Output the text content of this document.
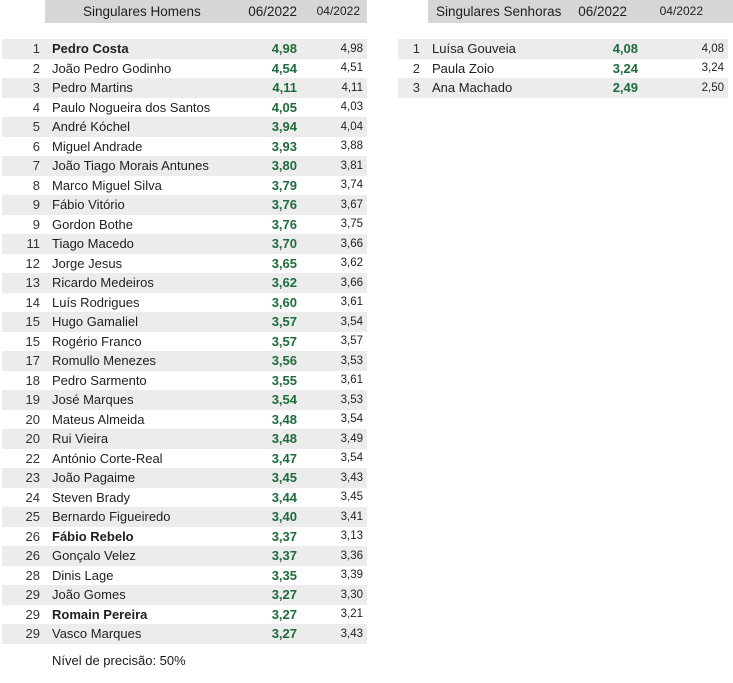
Singulares Homens	06/2022 04/2022
1 Pedro Costa	4,98	4,98
2 João Pedro Godinho	4,54	4,51
3 Pedro Martins	4,11	4,11
4 Paulo Nogueira dos Santos	4,05	4,03
5 André Kóchel	3,94	4,04
6 Miguel Andrade	3,93	3,88
7 João Tiago Morais Antunes	3,80	3,81
8 Marco Miguel Silva	3,79	3,74
9 Fábio Vitório	3,76	3,67
9 Gordon Bothe	3,76	3,75
11 Tiago Macedo	3,70	3,66
12 Jorge Jesus	3,65	3,62
13 Ricardo Medeiros	3,62	3,66
14 Luís Rodrigues	3,60	3,61
15 Hugo Gamaliel	3,57	3,54
15 Rogério Franco	3,57	3,57
17 Romullo Menezes	3,56	3,53
18 Pedro Sarmento	3,55	3,61
19 José Marques	3,54	3,53
20 Mateus Almeida	3,48	3,54
20 Rui Vieira	3,48	3,49
22 António Corte-Real	3,47	3,54
23 João Pagaime	3,45	3,43
24 Steven Brady	3,44	3,45
25 Bernardo Figueiredo	3,40	3,41
26 Fábio Rebelo	3,37	3,13
26 Gonçalo Velez	3,37	3,36
28 Dinis Lage	3,35	3,39
29 João Gomes	3,27	3,30
29 Romain Pereira	3,27	3,21
29 Vasco Marques	3,27	3,43
Singulares Senhoras 06/2022	04/2022
1 Luísa Gouveia	4,08	4,08
2 Paula Zoio	3,24	3,24
3 Ana Machado	2,49	2,50
Nível de precisão: 50%
